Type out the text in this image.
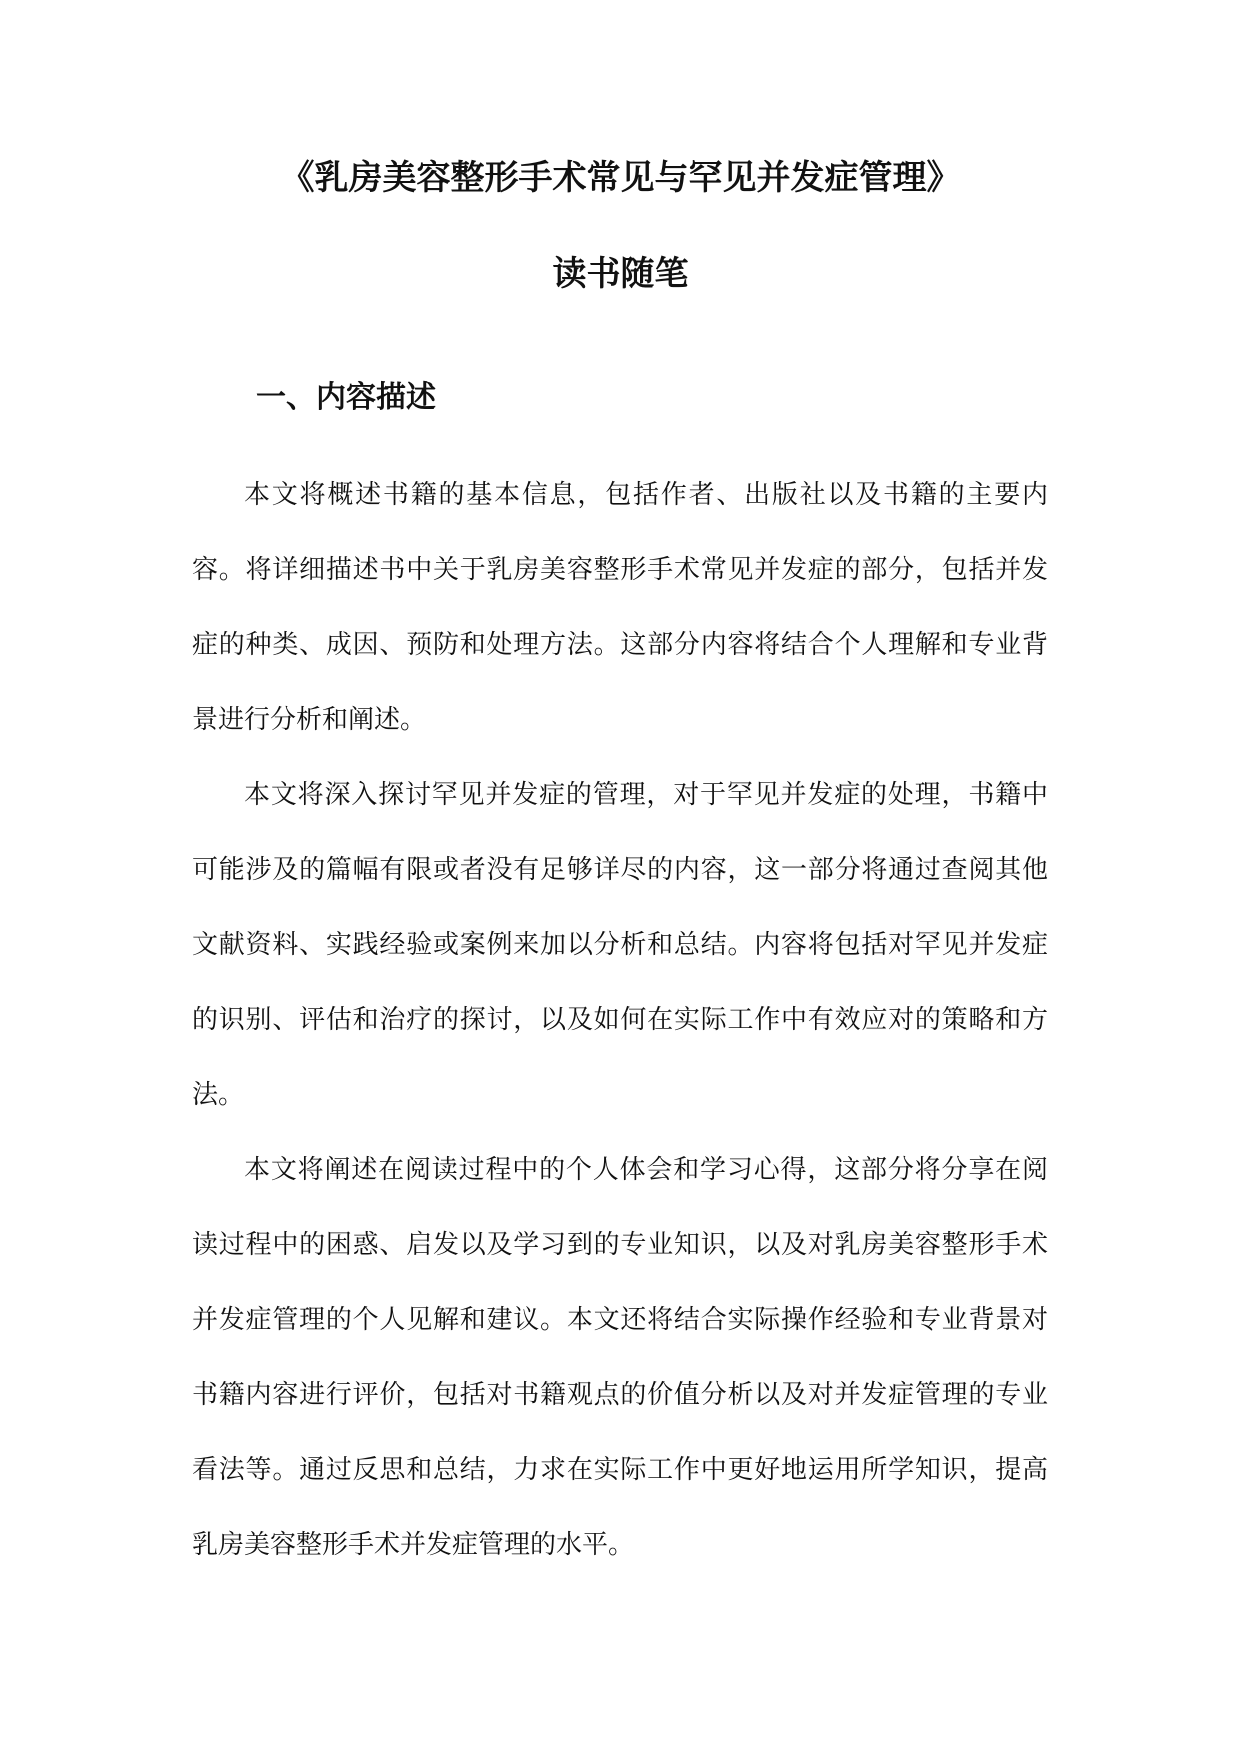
《乳房美容整形手术常见与罕见并发症管理》
读书随笔
一、内容描述

本文将概述书籍的基本信息，包括作者、出版社以及书籍的主要内容。将详细描述书中关于乳房美容整形手术常见并发症的部分，包括并发症的种类、成因、预防和处理方法。这部分内容将结合个人理解和专业背景进行分析和阐述。

本文将深入探讨罕见并发症的管理，对于罕见并发症的处理，书籍中可能涉及的篇幅有限或者没有足够详尽的内容，这一部分将通过查阅其他文献资料、实践经验或案例来加以分析和总结。内容将包括对罕见并发症的识别、评估和治疗的探讨，以及如何在实际工作中有效应对的策略和方法。

本文将阐述在阅读过程中的个人体会和学习心得，这部分将分享在阅读过程中的困惑、启发以及学习到的专业知识，以及对乳房美容整形手术并发症管理的个人见解和建议。本文还将结合实际操作经验和专业背景对书籍内容进行评价，包括对书籍观点的价值分析以及对并发症管理的专业看法等。通过反思和总结，力求在实际工作中更好地运用所学知识，提高乳房美容整形手术并发症管理的水平。
